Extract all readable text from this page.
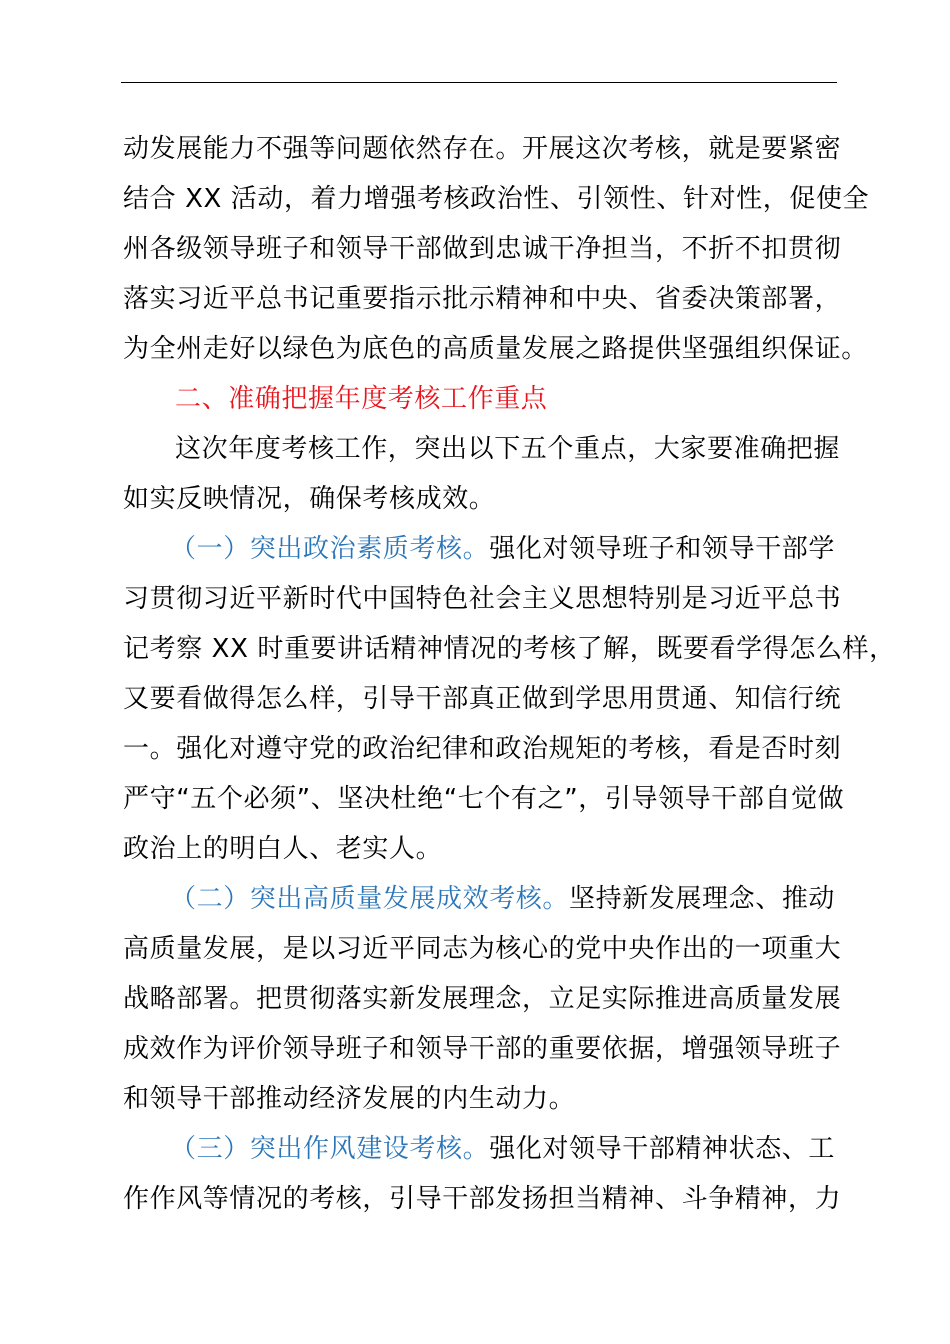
动发展能力不强等问题依然存在。开展这次考核，就是要紧密
结合 XX 活动，着力增强考核政治性、引领性、针对性，促使全
州各级领导班子和领导干部做到忠诚干净担当，不折不扣贯彻
落实习近平总书记重要指示批示精神和中央、省委决策部署，
为全州走好以绿色为底色的高质量发展之路提供坚强组织保证。
二、准确把握年度考核工作重点
这次年度考核工作，突出以下五个重点，大家要准确把握
如实反映情况，确保考核成效。
（一）突出政治素质考核。强化对领导班子和领导干部学
习贯彻习近平新时代中国特色社会主义思想特别是习近平总书
记考察 XX 时重要讲话精神情况的考核了解，既要看学得怎么样，
又要看做得怎么样，引导干部真正做到学思用贯通、知信行统
一。强化对遵守党的政治纪律和政治规矩的考核，看是否时刻
严守“五个必须”、坚决杜绝“七个有之”，引导领导干部自觉做
政治上的明白人、老实人。
（二）突出高质量发展成效考核。坚持新发展理念、推动
高质量发展，是以习近平同志为核心的党中央作出的一项重大
战略部署。把贯彻落实新发展理念，立足实际推进高质量发展
成效作为评价领导班子和领导干部的重要依据，增强领导班子
和领导干部推动经济发展的内生动力。
（三）突出作风建设考核。强化对领导干部精神状态、工
作作风等情况的考核，引导干部发扬担当精神、斗争精神，力
